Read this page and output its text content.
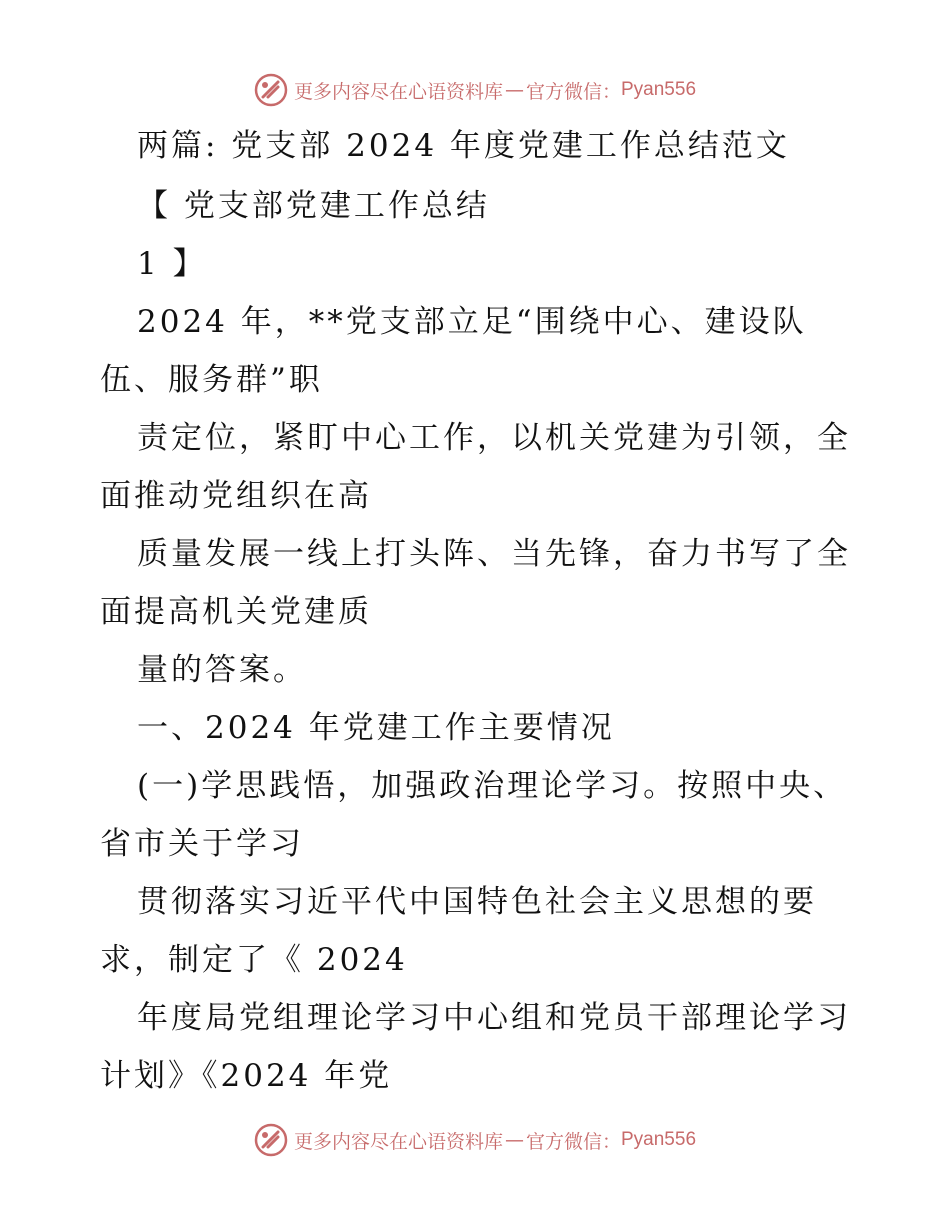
更多内容尽在心语资料库 — 官方微信： Pyan556
两篇: 党支部 2024 年度党建工作总结范文
【 党支部党建工作总结
1 】
2024 年，**党支部立足“围绕中心、建设队
伍、服务群”职
责定位，紧盯中心工作，以机关党建为引领，全
面推动党组织在高
质量发展一线上打头阵、当先锋，奋力书写了全
面提高机关党建质
量的答案。
一、2024 年党建工作主要情况
(一)学思践悟，加强政治理论学习。按照中央、
省市关于学习
贯彻落实习近平代中国特色社会主义思想的要
求，制定了《 2024
年度局党组理论学习中心组和党员干部理论学习
计划》《2024 年党
更多内容尽在心语资料库 — 官方微信： Pyan556
